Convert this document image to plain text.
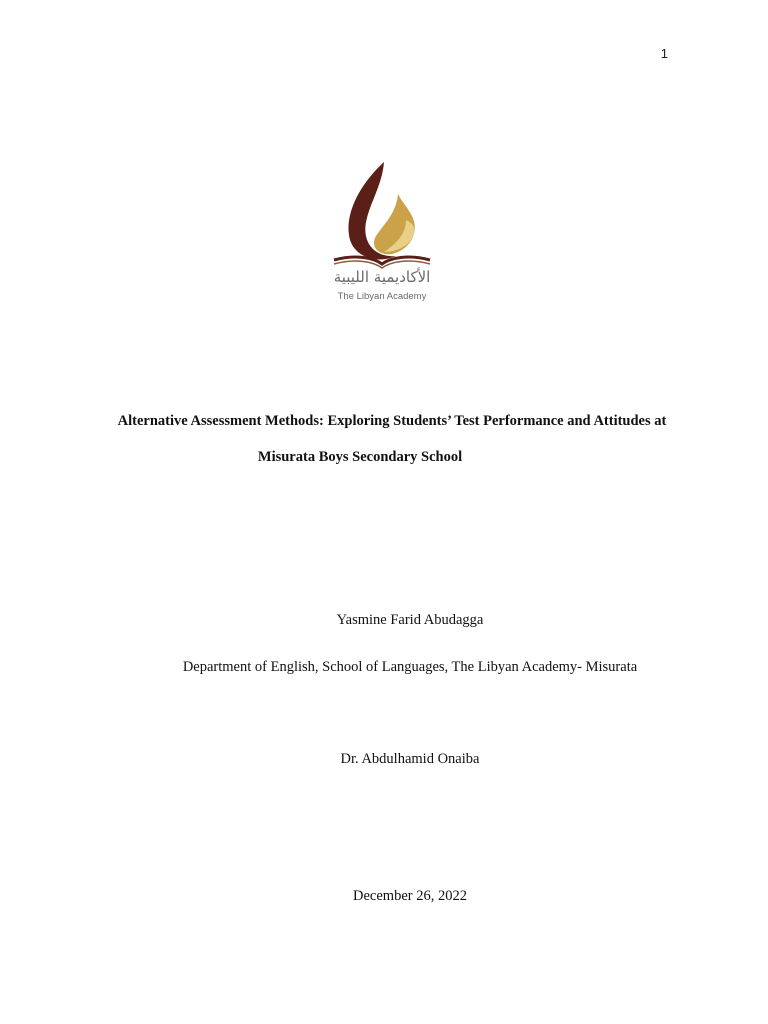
1
الأكاديمية الليبية
The Libyan Academy
Alternative Assessment Methods: Exploring Students’ Test Performance and Attitudes at
Misurata Boys Secondary School
Yasmine Farid Abudagga
Department of English, School of Languages, The Libyan Academy- Misurata
Dr. Abdulhamid Onaiba
December 26, 2022
